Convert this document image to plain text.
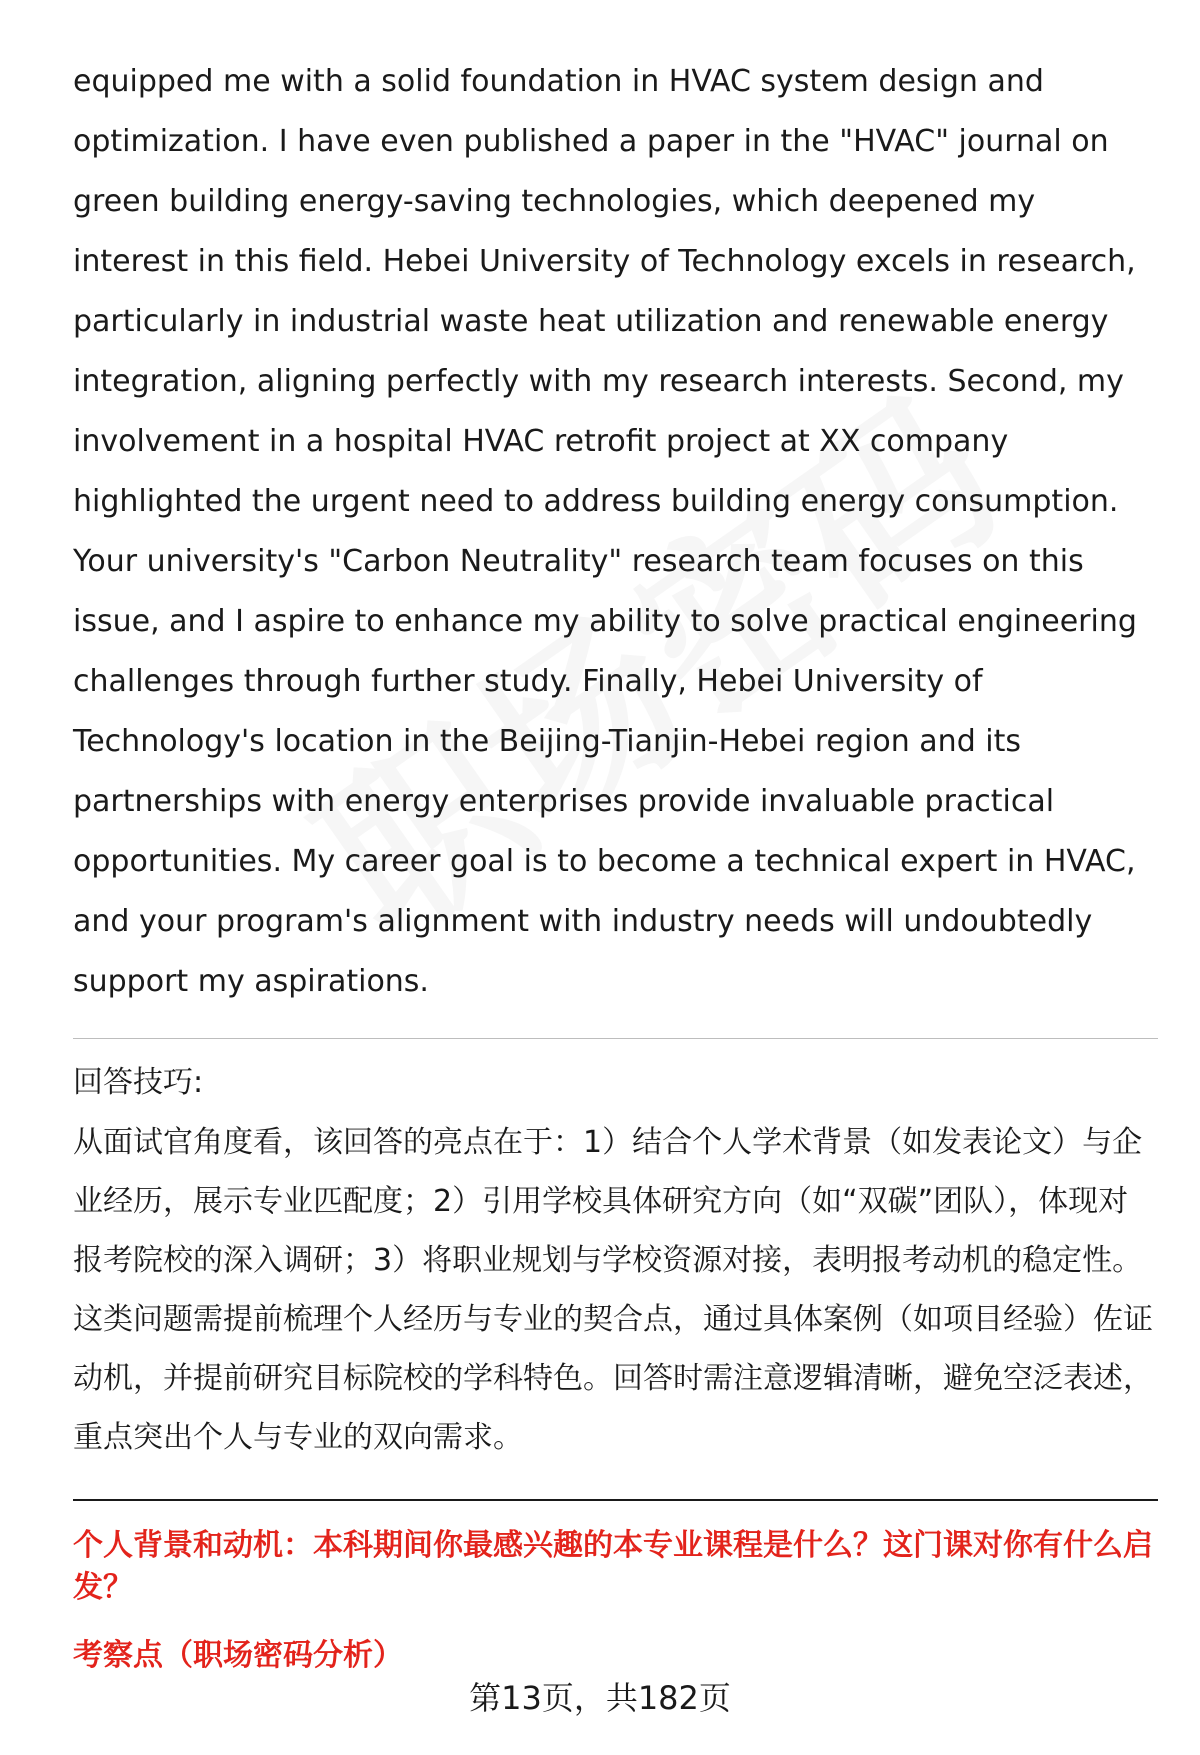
equipped me with a solid foundation in HVAC system design and optimization. I have even published a paper in the "HVAC" journal on green building energy-saving technologies, which deepened my interest in this field. Hebei University of Technology excels in research, particularly in industrial waste heat utilization and renewable energy integration, aligning perfectly with my research interests. Second, my involvement in a hospital HVAC retrofit project at XX company highlighted the urgent need to address building energy consumption. Your university's "Carbon Neutrality" research team focuses on this issue, and I aspire to enhance my ability to solve practical engineering challenges through further study. Finally, Hebei University of Technology's location in the Beijing-Tianjin-Hebei region and its partnerships with energy enterprises provide invaluable practical opportunities. My career goal is to become a technical expert in HVAC, and your program's alignment with industry needs will undoubtedly support my aspirations.

回答技巧:

从面试官角度看，该回答的亮点在于：1）结合个人学术背景（如发表论文）与企业经历，展示专业匹配度；2）引用学校具体研究方向（如“双碳”团队），体现对报考院校的深入调研；3）将职业规划与学校资源对接，表明报考动机的稳定性。这类问题需提前梳理个人经历与专业的契合点，通过具体案例（如项目经验）佐证动机，并提前研究目标院校的学科特色。回答时需注意逻辑清晰，避免空泛表述，重点突出个人与专业的双向需求。

个人背景和动机：本科期间你最感兴趣的本专业课程是什么？这门课对你有什么启发？

考察点（职场密码分析）

第13页，共182页
